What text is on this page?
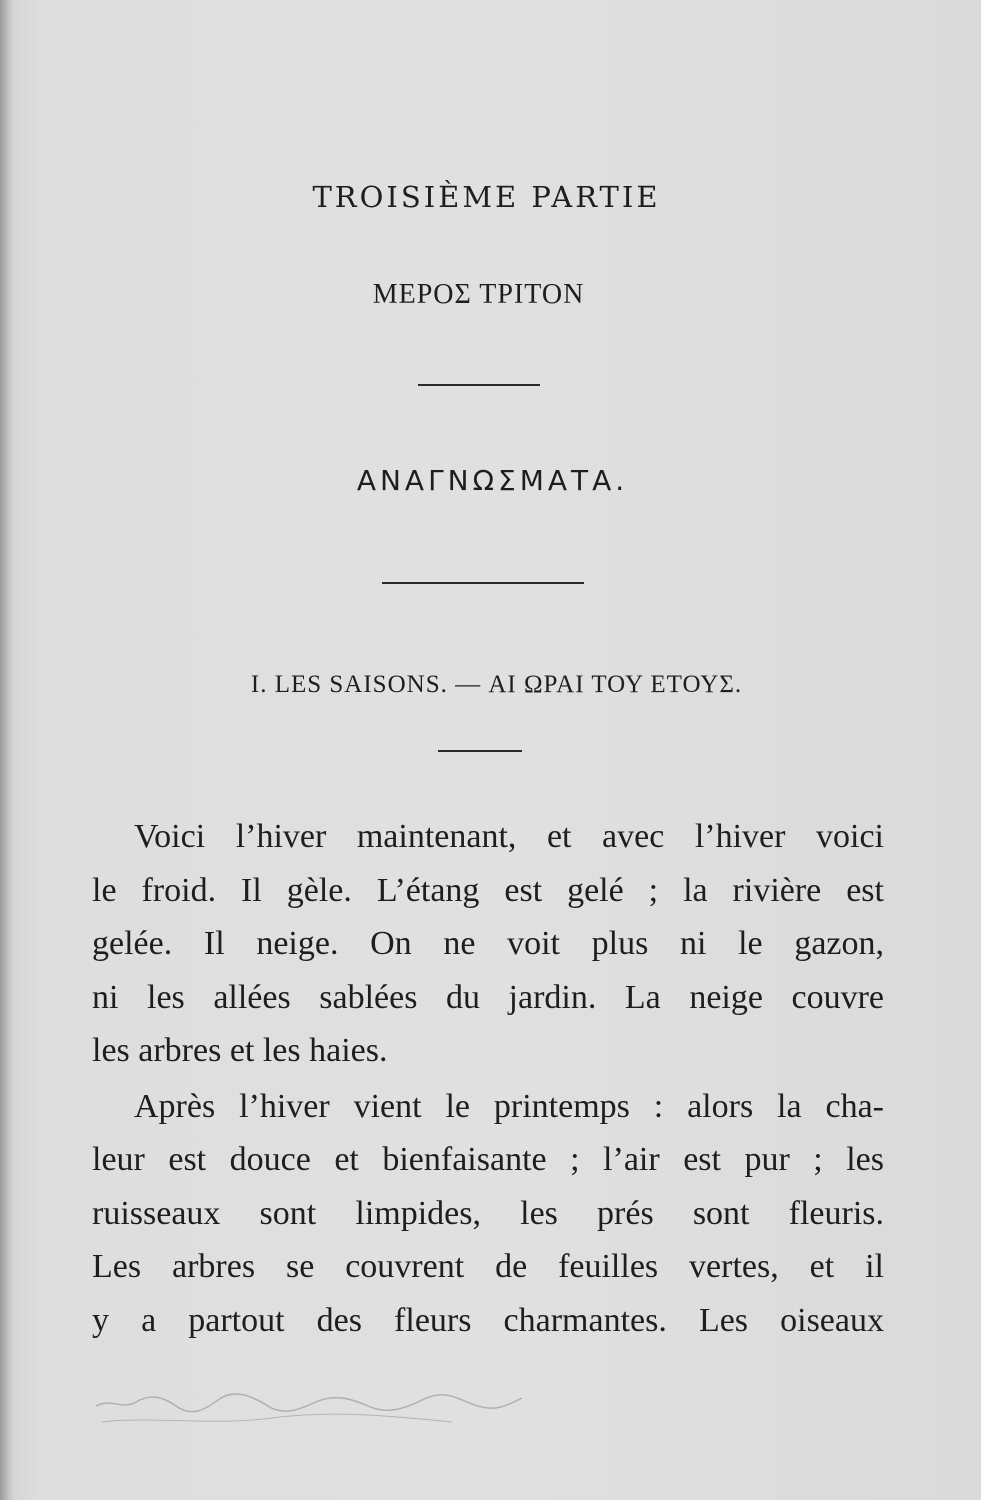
TROISIÈME PARTIE
ΜΕΡΟΣ ΤΡΙΤΟΝ
ΑΝΑΓΝΩΣΜΑΤΑ.
I. LES SAISONS. — ΑΙ ΩΡΑΙ ΤΟΥ ΕΤΟΥΣ.
Voici l’hiver maintenant, et avec l’hiver voici
le froid. Il gèle. L’étang est gelé ; la rivière est
gelée. Il neige. On ne voit plus ni le gazon,
ni les allées sablées du jardin. La neige couvre
les arbres et les haies.
Après l’hiver vient le printemps : alors la cha-
leur est douce et bienfaisante ; l’air est pur ; les
ruisseaux sont limpides, les prés sont fleuris.
Les arbres se couvrent de feuilles vertes, et il
y a partout des fleurs charmantes. Les oiseaux
